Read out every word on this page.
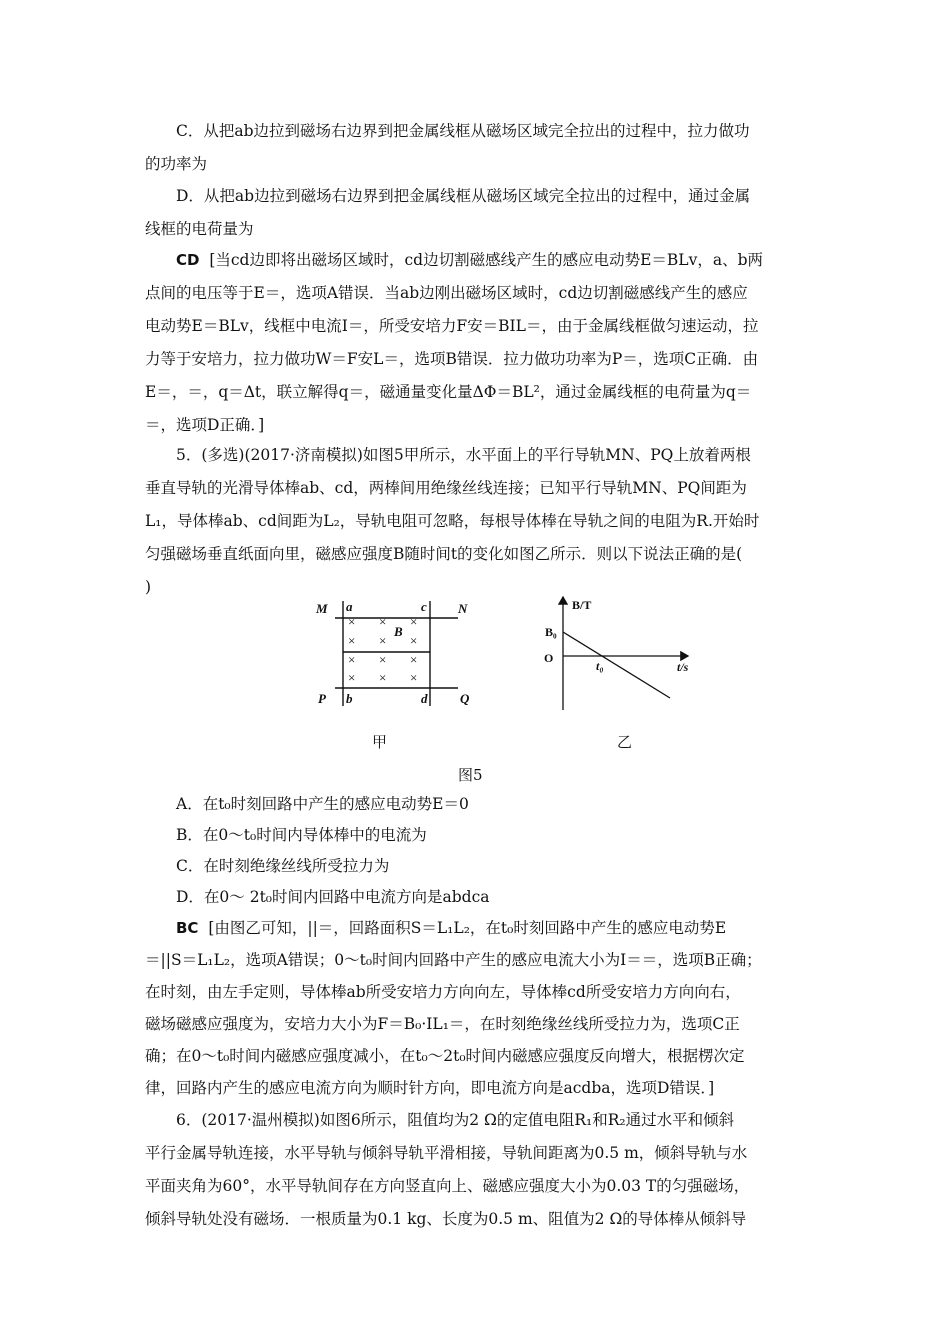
C．从把ab边拉到磁场右边界到把金属线框从磁场区域完全拉出的过程中，拉力做功
的功率为
D．从把ab边拉到磁场右边界到把金属线框从磁场区域完全拉出的过程中，通过金属
线框的电荷量为
CD [当cd边即将出磁场区域时，cd边切割磁感线产生的感应电动势E＝BLv，a、b两
点间的电压等于E＝，选项A错误．当ab边刚出磁场区域时，cd边切割磁感线产生的感应
电动势E＝BLv，线框中电流I＝，所受安培力F安＝BIL＝，由于金属线框做匀速运动，拉
力等于安培力，拉力做功W＝F安L＝，选项B错误．拉力做功功率为P＝，选项C正确．由
E＝，＝，q＝Δt，联立解得q＝，磁通量变化量ΔΦ＝BL²，通过金属线框的电荷量为q＝
＝，选项D正确．]
5．(多选)(2017·济南模拟)如图5甲所示，水平面上的平行导轨MN、PQ上放着两根
垂直导轨的光滑导体棒ab、cd，两棒间用绝缘丝线连接；已知平行导轨MN、PQ间距为
L₁，导体棒ab、cd间距为L₂，导轨电阻可忽略，每根导体棒在导轨之间的电阻为R.开始时
匀强磁场垂直纸面向里，磁感应强度B随时间t的变化如图乙所示．则以下说法正确的是(
)
M	N
P	Q
a
b
c
d
B
× × ×
× × ×
× × ×
× × ×
甲
B/T
t/s
O
B₀
t₀
乙
图5
A．在t₀时刻回路中产生的感应电动势E＝0
B．在0～t₀时间内导体棒中的电流为
C．在时刻绝缘丝线所受拉力为
D．在0～ 2t₀时间内回路中电流方向是abdca
BC [由图乙可知，||＝，回路面积S＝L₁L₂，在t₀时刻回路中产生的感应电动势E
＝||S＝L₁L₂，选项A错误；0～t₀时间内回路中产生的感应电流大小为I＝＝，选项B正确；
在时刻，由左手定则，导体棒ab所受安培力方向向左，导体棒cd所受安培力方向向右，
磁场磁感应强度为，安培力大小为F＝B₀·IL₁＝，在时刻绝缘丝线所受拉力为，选项C正
确；在0～t₀时间内磁感应强度减小，在t₀～2t₀时间内磁感应强度反向增大，根据楞次定
律，回路内产生的感应电流方向为顺时针方向，即电流方向是acdba，选项D错误．]
6．(2017·温州模拟)如图6所示，阻值均为2 Ω的定值电阻R₁和R₂通过水平和倾斜
平行金属导轨连接，水平导轨与倾斜导轨平滑相接，导轨间距离为0.5 m，倾斜导轨与水
平面夹角为60°，水平导轨间存在方向竖直向上、磁感应强度大小为0.03 T的匀强磁场，
倾斜导轨处没有磁场．一根质量为0.1 kg、长度为0.5 m、阻值为2 Ω的导体棒从倾斜导
